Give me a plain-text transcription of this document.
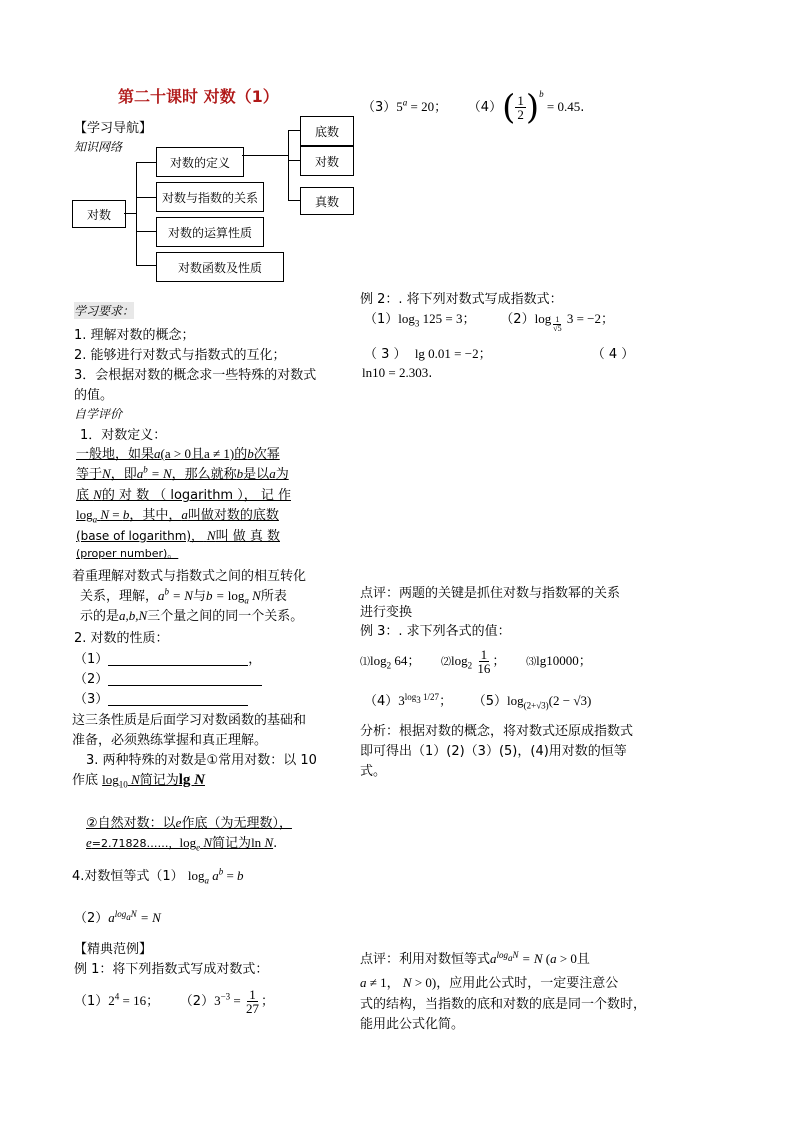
第二十课时 对数（1）
【学习导航】
知识网络
对数
对数的定义
对数与指数的关系
对数的运算性质
对数函数及性质
底数
对数
真数
学习要求：
1. 理解对数的概念；
2. 能够进行对数式与指数式的互化；
3．会根据对数的概念求一些特殊的对数式
的值。
自学评价
1．对数定义：
一般地，如果a(a > 0且a ≠ 1)的b次幂
等于N，即$a^b = N$，那么就称b是以a为
底 N的 对 数 （ logarithm ）， 记 作
$\log_a N = b$，其中，a叫做对数的底数
(base of logarithm)， N叫 做 真 数
(proper number)。
着重理解对数式与指数式之间的相互转化
关系，理解，$a^b = N$与$b = \log_a N$所表
示的是a,b,N三个量之间的同一个关系。
2. 对数的性质：
（1）	，
（2）
（3）
这三条性质是后面学习对数函数的基础和
准备，必须熟练掌握和真正理解。
3. 两种特殊的对数是①常用对数：以 10
作底 $\log_{10} N$简记为lg N
②自然对数：以e作底（为无理数），
e=2.71828……，$\log_e N$简记为ln N.
4.对数恒等式（1） $\log_a a^b = b$
$(2)a^{log_aN} = N$
【精典范例】
例 1：将下列指数式写成对数式：
$(1)2^4 = 16$；     $(2)3^{-3} = \frac{1}{27}$ ；
$(3)5^a = 20$；     $(4)( \frac{1}{2} )^b = 0.45$.
例 2：. 将下列对数式写成指数式：
$(1)\log_3$ 125 = 3；      （2）log $_{\frac{1}{√5}}$ 3 = −2；
（ 3 ） lg 0.01 = −2；	（ 4 ）
ln10 = 2.303.
点评：两题的关键是抓住对数与指数幂的关系
进行变换
例 3：. 求下列各式的值：
$⑴\log_2$ 64；     $⑵\log_2 \frac{1}{16}$ ；     ⑶lg10000；
$(4)3^{log_3 1/27}$；     $(5)\log_{(2+√3)}(2 - √3)$
分析：根据对数的概念，将对数式还原成指数式
即可得出（1）(2)（3）(5)，(4)用对数的恒等
式。
点评：利用对数恒等式$a^{log_aN} = N$ (a > 0且
a ≠ 1， N > 0)，应用此公式时，一定要注意公
式的结构，当指数的底和对数的底是同一个数时，
能用此公式化简。
